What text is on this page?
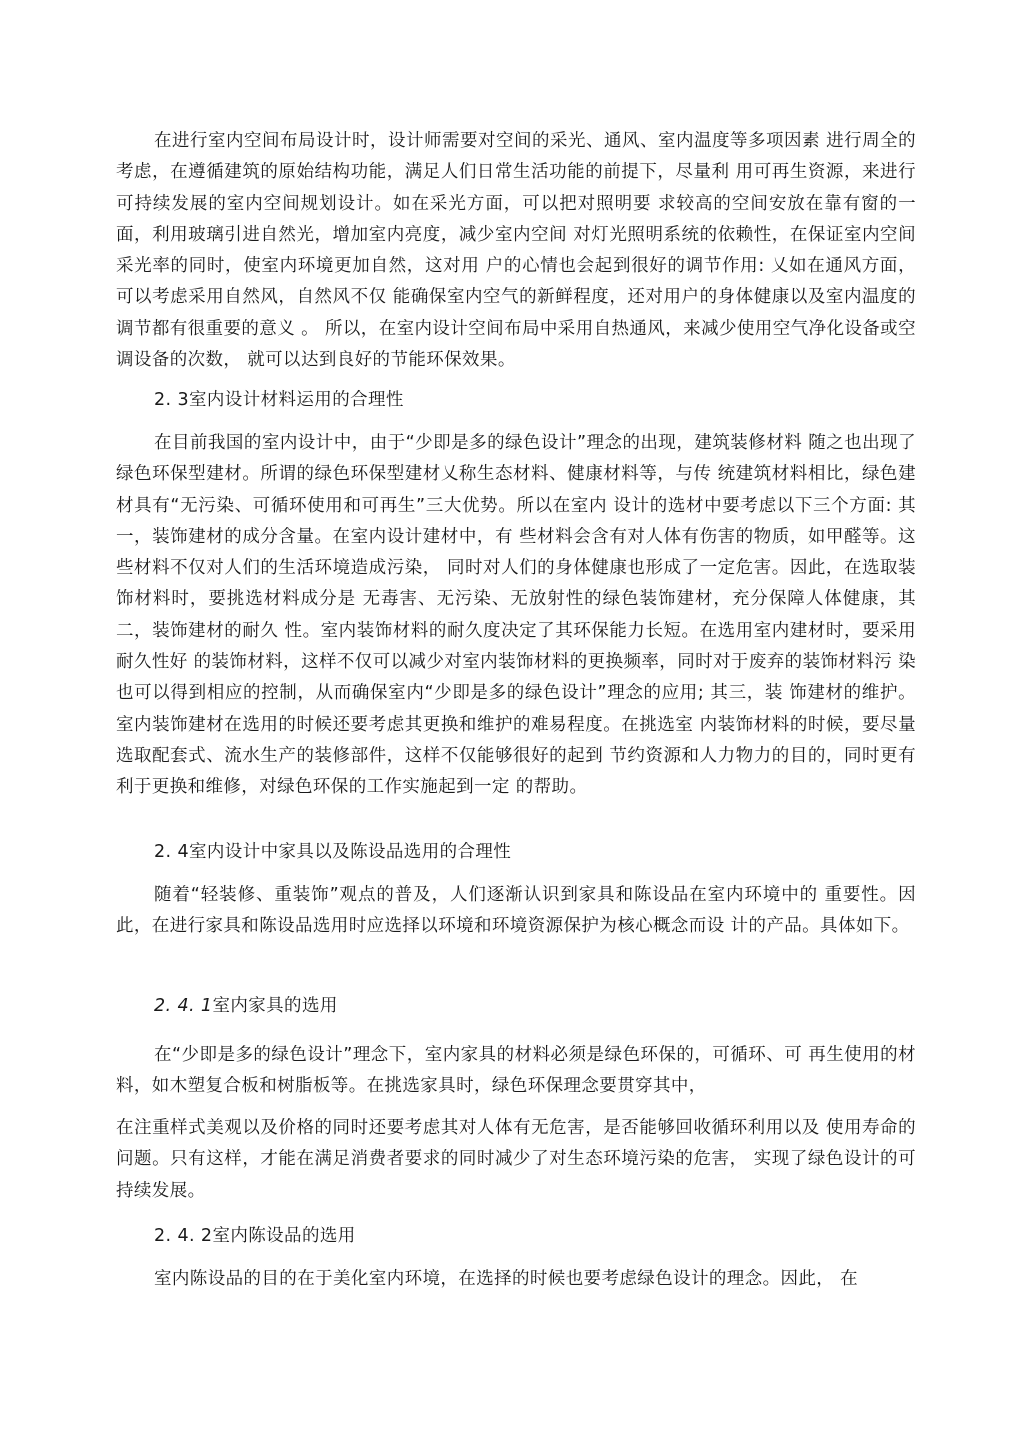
在进行室内空间布局设计时，设计师需要对空间的采光、通风、室内温度等多项因素 进行周全的考虑，在遵循建筑的原始结构功能，满足人们日常生活功能的前提下，尽量利 用可再生资源，来进行可持续发展的室内空间规划设计。如在采光方面，可以把对照明要 求较高的空间安放在靠有窗的一面，利用玻璃引进自然光，增加室内亮度，减少室内空间 对灯光照明系统的依赖性，在保证室内空间采光率的同时，使室内环境更加自然，这对用 户的心情也会起到很好的调节作用: 乂如在通风方面，可以考虑采用自然风，自然风不仅 能确保室内空气的新鲜程度，还对用户的身体健康以及室内温度的调节都有很重要的意义 。 所以，在室内设计空间布局中采用自热通风，来减少使用空气净化设备或空调设备的次数， 就可以达到良好的节能环保效果。

2. 3室内设计材料运用的合理性

在目前我国的室内设计中，由于“少即是多的绿色设计”理念的出现，建筑装修材料 随之也出现了绿色环保型建材。所谓的绿色环保型建材乂称生态材料、健康材料等，与传 统建筑材料相比，绿色建材具有“无污染、可循环使用和可再生”三大优势。所以在室内 设计的选材中要考虑以下三个方面: 其一，装饰建材的成分含量。在室内设计建材中，有 些材料会含有对人体有伤害的物质，如甲醛等。这些材料不仅对人们的生活环境造成污染， 同时对人们的身体健康也形成了一定危害。因此，在选取装饰材料时，要挑选材料成分是 无毒害、无污染、无放射性的绿色装饰建材，充分保障人体健康，其二，装饰建材的耐久 性。室内装饰材料的耐久度决定了其环保能力长短。在选用室内建材时，要采用耐久性好 的装饰材料，这样不仅可以减少对室内装饰材料的更换频率，同时对于废弃的装饰材料污 染也可以得到相应的控制，从而确保室内“少即是多的绿色设计”理念的应用; 其三，装 饰建材的维护。室内装饰建材在选用的时候还要考虑其更换和维护的难易程度。在挑选室 内装饰材料的时候，要尽量选取配套式、流水生产的装修部件，这样不仅能够很好的起到 节约资源和人力物力的目的，同时更有利于更换和维修，对绿色环保的工作实施起到一定 的帮助。

2. 4室内设计中家具以及陈设品选用的合理性

随着“轻装修、重装饰”观点的普及，人们逐渐认识到家具和陈设品在室内环境中的 重要性。因此，在进行家具和陈设品选用时应选择以环境和环境资源保护为核心概念而设 计的产品。具体如下。

2. 4. 1室内家具的选用

在“少即是多的绿色设计”理念下，室内家具的材料必须是绿色环保的，可循环、可 再生使用的材料，如木塑复合板和树脂板等。在挑选家具时，绿色环保理念要贯穿其中，

在注重样式美观以及价格的同时还要考虑其对人体有无危害，是否能够回收循环利用以及 使用寿命的问题。只有这样，才能在满足消费者要求的同时减少了对生态环境污染的危害， 实现了绿色设计的可持续发展。

2. 4. 2室内陈设品的选用

室内陈设品的目的在于美化室内环境，在选择的时候也要考虑绿色设计的理念。因此， 在
